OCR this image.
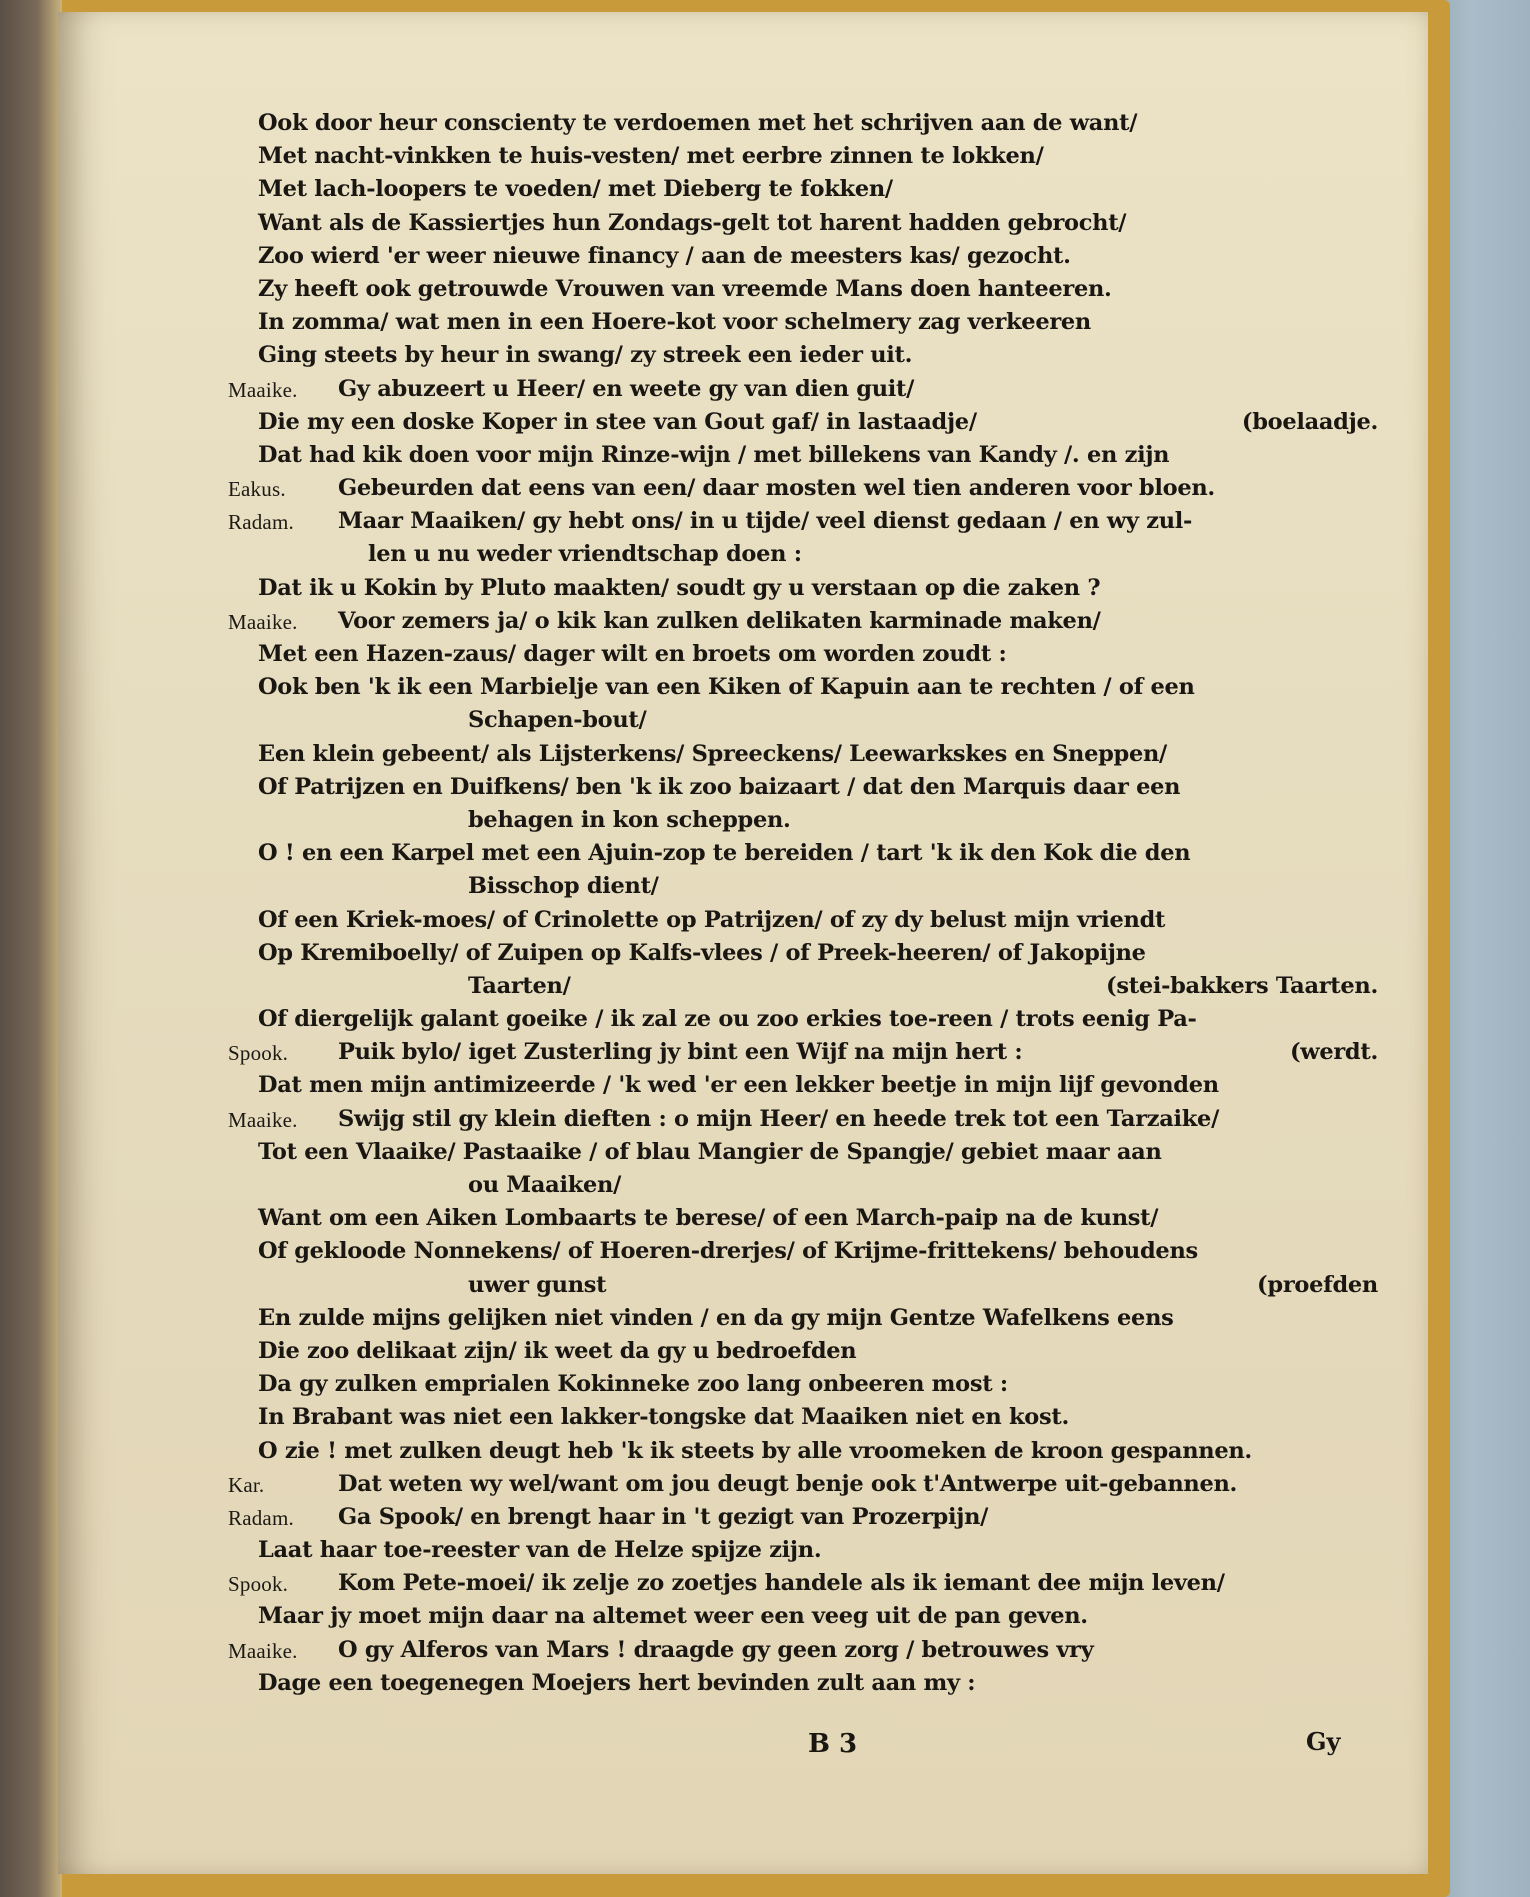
Ook door heur conscienty te verdoemen met het schrijven aan de want/
Met nacht-vinkken te huis-vesten/ met eerbre zinnen te lokken/
Met lach-loopers te voeden/ met Dieberg te fokken/
Want als de Kassiertjes hun Zondags-gelt tot harent hadden gebrocht/
Zoo wierd 'er weer nieuwe financy / aan de meesters kas/ gezocht.
Zy heeft ook getrouwde Vrouwen van vreemde Mans doen hanteeren.
In zomma/ wat men in een Hoere-kot voor schelmery zag verkeeren
Ging steets by heur in swang/ zy streek een ieder uit.
Maaike. Gy abuzeert u Heer/ en weete gy van dien guit/
Die my een doske Koper in stee van Gout gaf/ in lastaadje/	(boelaadje.
Dat had kik doen voor mijn Rinze-wijn / met billekens van Kandy /. en zijn
Eakus. Gebeurden dat eens van een/ daar mosten wel tien anderen voor bloen.
Radam. Maar Maaiken/ gy hebt ons/ in u tijde/ veel dienst gedaan / en wy zul-
len u nu weder vriendtschap doen :
Dat ik u Kokin by Pluto maakten/ soudt gy u verstaan op die zaken ?
Maaike. Voor zemers ja/ o kik kan zulken delikaten karminade maken/
Met een Hazen-zaus/ dager wilt en broets om worden zoudt :
Ook ben 'k ik een Marbielje van een Kiken of Kapuin aan te rechten / of een
Schapen-bout/
Een klein gebeent/ als Lijsterkens/ Spreeckens/ Leewarkskes en Sneppen/
Of Patrijzen en Duifkens/ ben 'k ik zoo baizaart / dat den Marquis daar een
behagen in kon scheppen.
O ! en een Karpel met een Ajuin-zop te bereiden / tart 'k ik den Kok die den
Bisschop dient/
Of een Kriek-moes/ of Crinolette op Patrijzen/ of zy dy belust mijn vriendt
Op Kremiboelly/ of Zuipen op Kalfs-vlees / of Preek-heeren/ of Jakopijne
Taarten/	(stei-bakkers Taarten.
Of diergelijk galant goeike / ik zal ze ou zoo erkies toe-reen / trots eenig Pa-
Spook. Puik bylo/ iget Zusterling jy bint een Wijf na mijn hert :	(werdt.
Dat men mijn antimizeerde / 'k wed 'er een lekker beetje in mijn lijf gevonden
Maaike. Swijg stil gy klein dieften : o mijn Heer/ en heede trek tot een Tarzaike/
Tot een Vlaaike/ Pastaaike / of blau Mangier de Spangje/ gebiet maar aan
ou Maaiken/
Want om een Aiken Lombaarts te berese/ of een March-paip na de kunst/
Of gekloode Nonnekens/ of Hoeren-drerjes/ of Krijme-frittekens/ behoudens
uwer gunst	(proefden
En zulde mijns gelijken niet vinden / en da gy mijn Gentze Wafelkens eens
Die zoo delikaat zijn/ ik weet da gy u bedroefden
Da gy zulken emprialen Kokinneke zoo lang onbeeren most :
In Brabant was niet een lakker-tongske dat Maaiken niet en kost.
O zie ! met zulken deugt heb 'k ik steets by alle vroomeken de kroon gespannen.
Kar.	Dat weten wy wel/want om jou deugt benje ook t'Antwerpe uit-gebannen.
Radam. Ga Spook/ en brengt haar in 't gezigt van Prozerpijn/
Laat haar toe-reester van de Helze spijze zijn.
Spook. Kom Pete-moei/ ik zelje zo zoetjes handele als ik iemant dee mijn leven/
Maar jy moet mijn daar na altemet weer een veeg uit de pan geven.
Maaike. O gy Alferos van Mars ! draagde gy geen zorg / betrouwes vry
Dage een toegenegen Moejers hert bevinden zult aan my :
B 3	Gy
